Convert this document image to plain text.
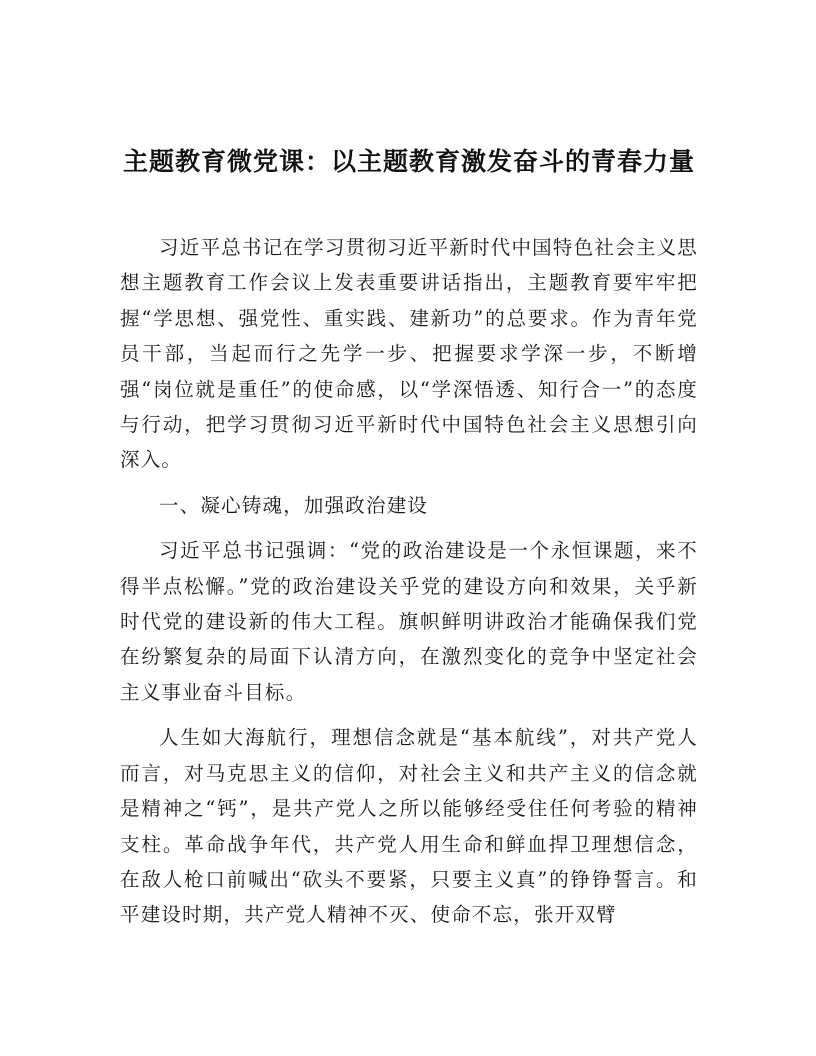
主题教育微党课：以主题教育激发奋斗的青春力量

习近平总书记在学习贯彻习近平新时代中国特色社会主义思想主题教育工作会议上发表重要讲话指出，主题教育要牢牢把握“学思想、强党性、重实践、建新功”的总要求。作为青年党员干部，当起而行之先学一步、把握要求学深一步，不断增强“岗位就是重任”的使命感，以“学深悟透、知行合一”的态度与行动，把学习贯彻习近平新时代中国特色社会主义思想引向深入。

一、凝心铸魂，加强政治建设

习近平总书记强调：“党的政治建设是一个永恒课题，来不得半点松懈。”党的政治建设关乎党的建设方向和效果，关乎新时代党的建设新的伟大工程。旗帜鲜明讲政治才能确保我们党在纷繁复杂的局面下认清方向，在激烈变化的竞争中坚定社会主义事业奋斗目标。

人生如大海航行，理想信念就是“基本航线”，对共产党人而言，对马克思主义的信仰，对社会主义和共产主义的信念就是精神之“钙”，是共产党人之所以能够经受住任何考验的精神支柱。革命战争年代，共产党人用生命和鲜血捍卫理想信念，在敌人枪口前喊出“砍头不要紧，只要主义真”的铮铮誓言。和平建设时期，共产党人精神不灭、使命不忘，张开双臂
